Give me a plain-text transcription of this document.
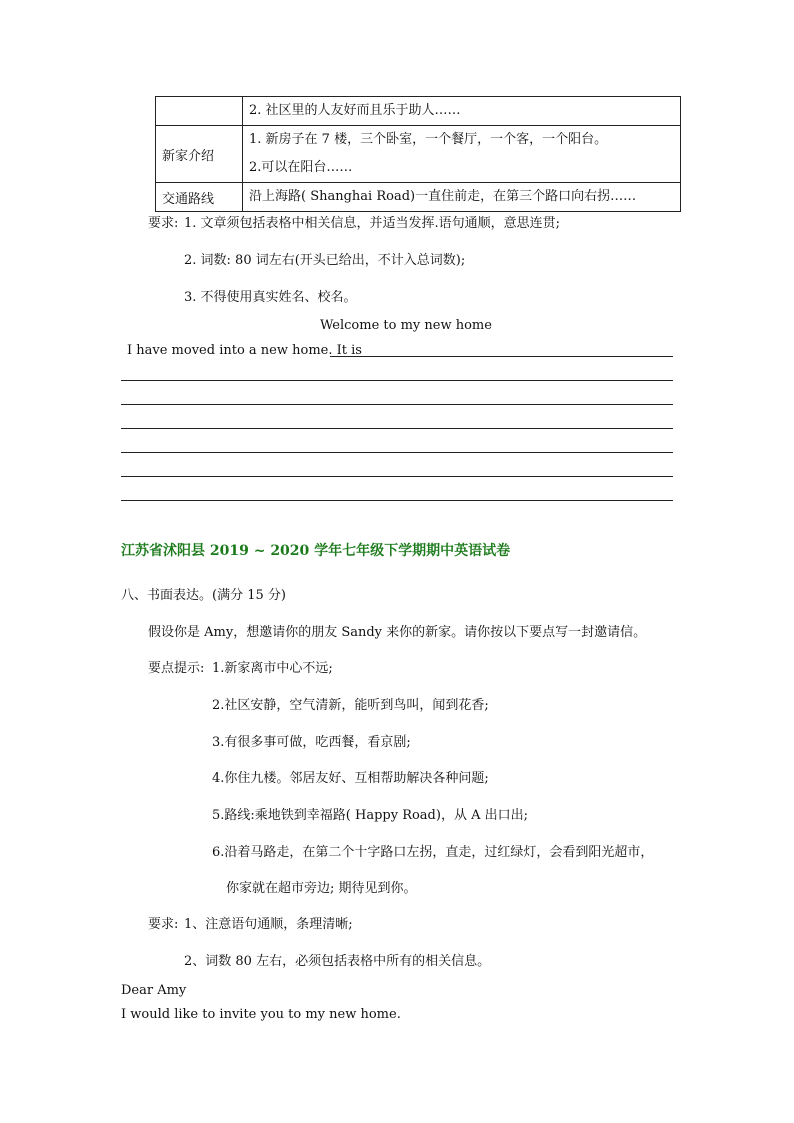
	2. 社区里的人友好而且乐于助人……

新家介绍	1. 新房子在 7 楼，三个卧室，一个餐厅，一个客，一个阳台。
2.可以在阳台……

交通路线	沿上海路( Shanghai Road)一直住前走，在第三个路口向右拐……
要求: 1. 文章须包括表格中相关信息，并适当发挥.语句通顺，意思连贯;
2. 词数: 80 词左右(开头已给出，不计入总词数);
3. 不得使用真实姓名、校名。
Welcome to my new home
I have moved into a new home. It is
江苏省沭阳县 2019 ~ 2020 学年七年级下学期期中英语试卷
八、书面表达。(满分 15 分)
假设你是 Amy，想邀请你的朋友 Sandy 来你的新家。请你按以下要点写一封邀请信。
要点提示: 1.新家离市中心不远;
2.社区安静，空气清新，能听到鸟叫，闻到花香;
3.有很多事可做，吃西餐，看京剧;
4.你住九楼。邻居友好、互相帮助解决各种问题;
5.路线:乘地铁到幸福路( Happy Road)，从 A 出口出;
6.沿着马路走，在第二个十字路口左拐，直走，过红绿灯，会看到阳光超市，
你家就在超市旁边; 期待见到你。
要求: 1、注意语句通顺，条理清晰;
2、词数 80 左右，必须包括表格中所有的相关信息。
Dear Amy
I would like to invite you to my new home.
